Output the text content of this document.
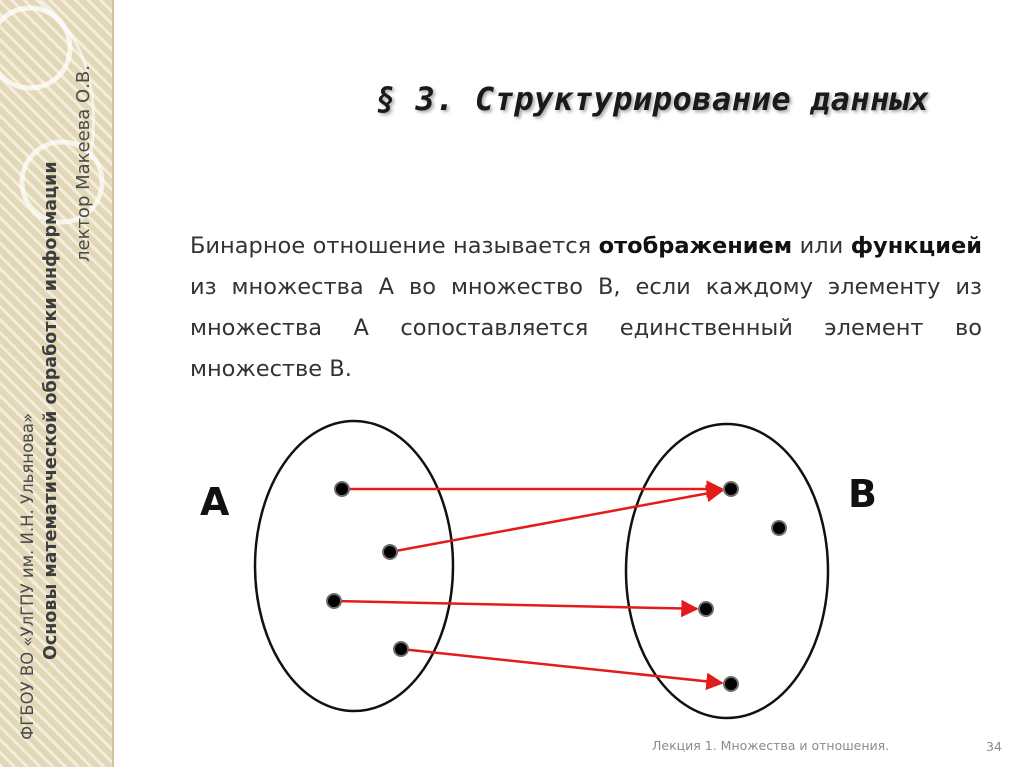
ФГБОУ ВО «УлГПУ им. И.Н. Ульянова» Основы математической обработки информации лектор Макеева О.В.	§ 3. Структурирование данных
Бинарное отношение называется отображением или функцией из множества А во множество В, если каждому элементу из множества А сопоставляется единственный элемент во множестве В.
A	B
Лекция 1. Множества и отношения.	34
